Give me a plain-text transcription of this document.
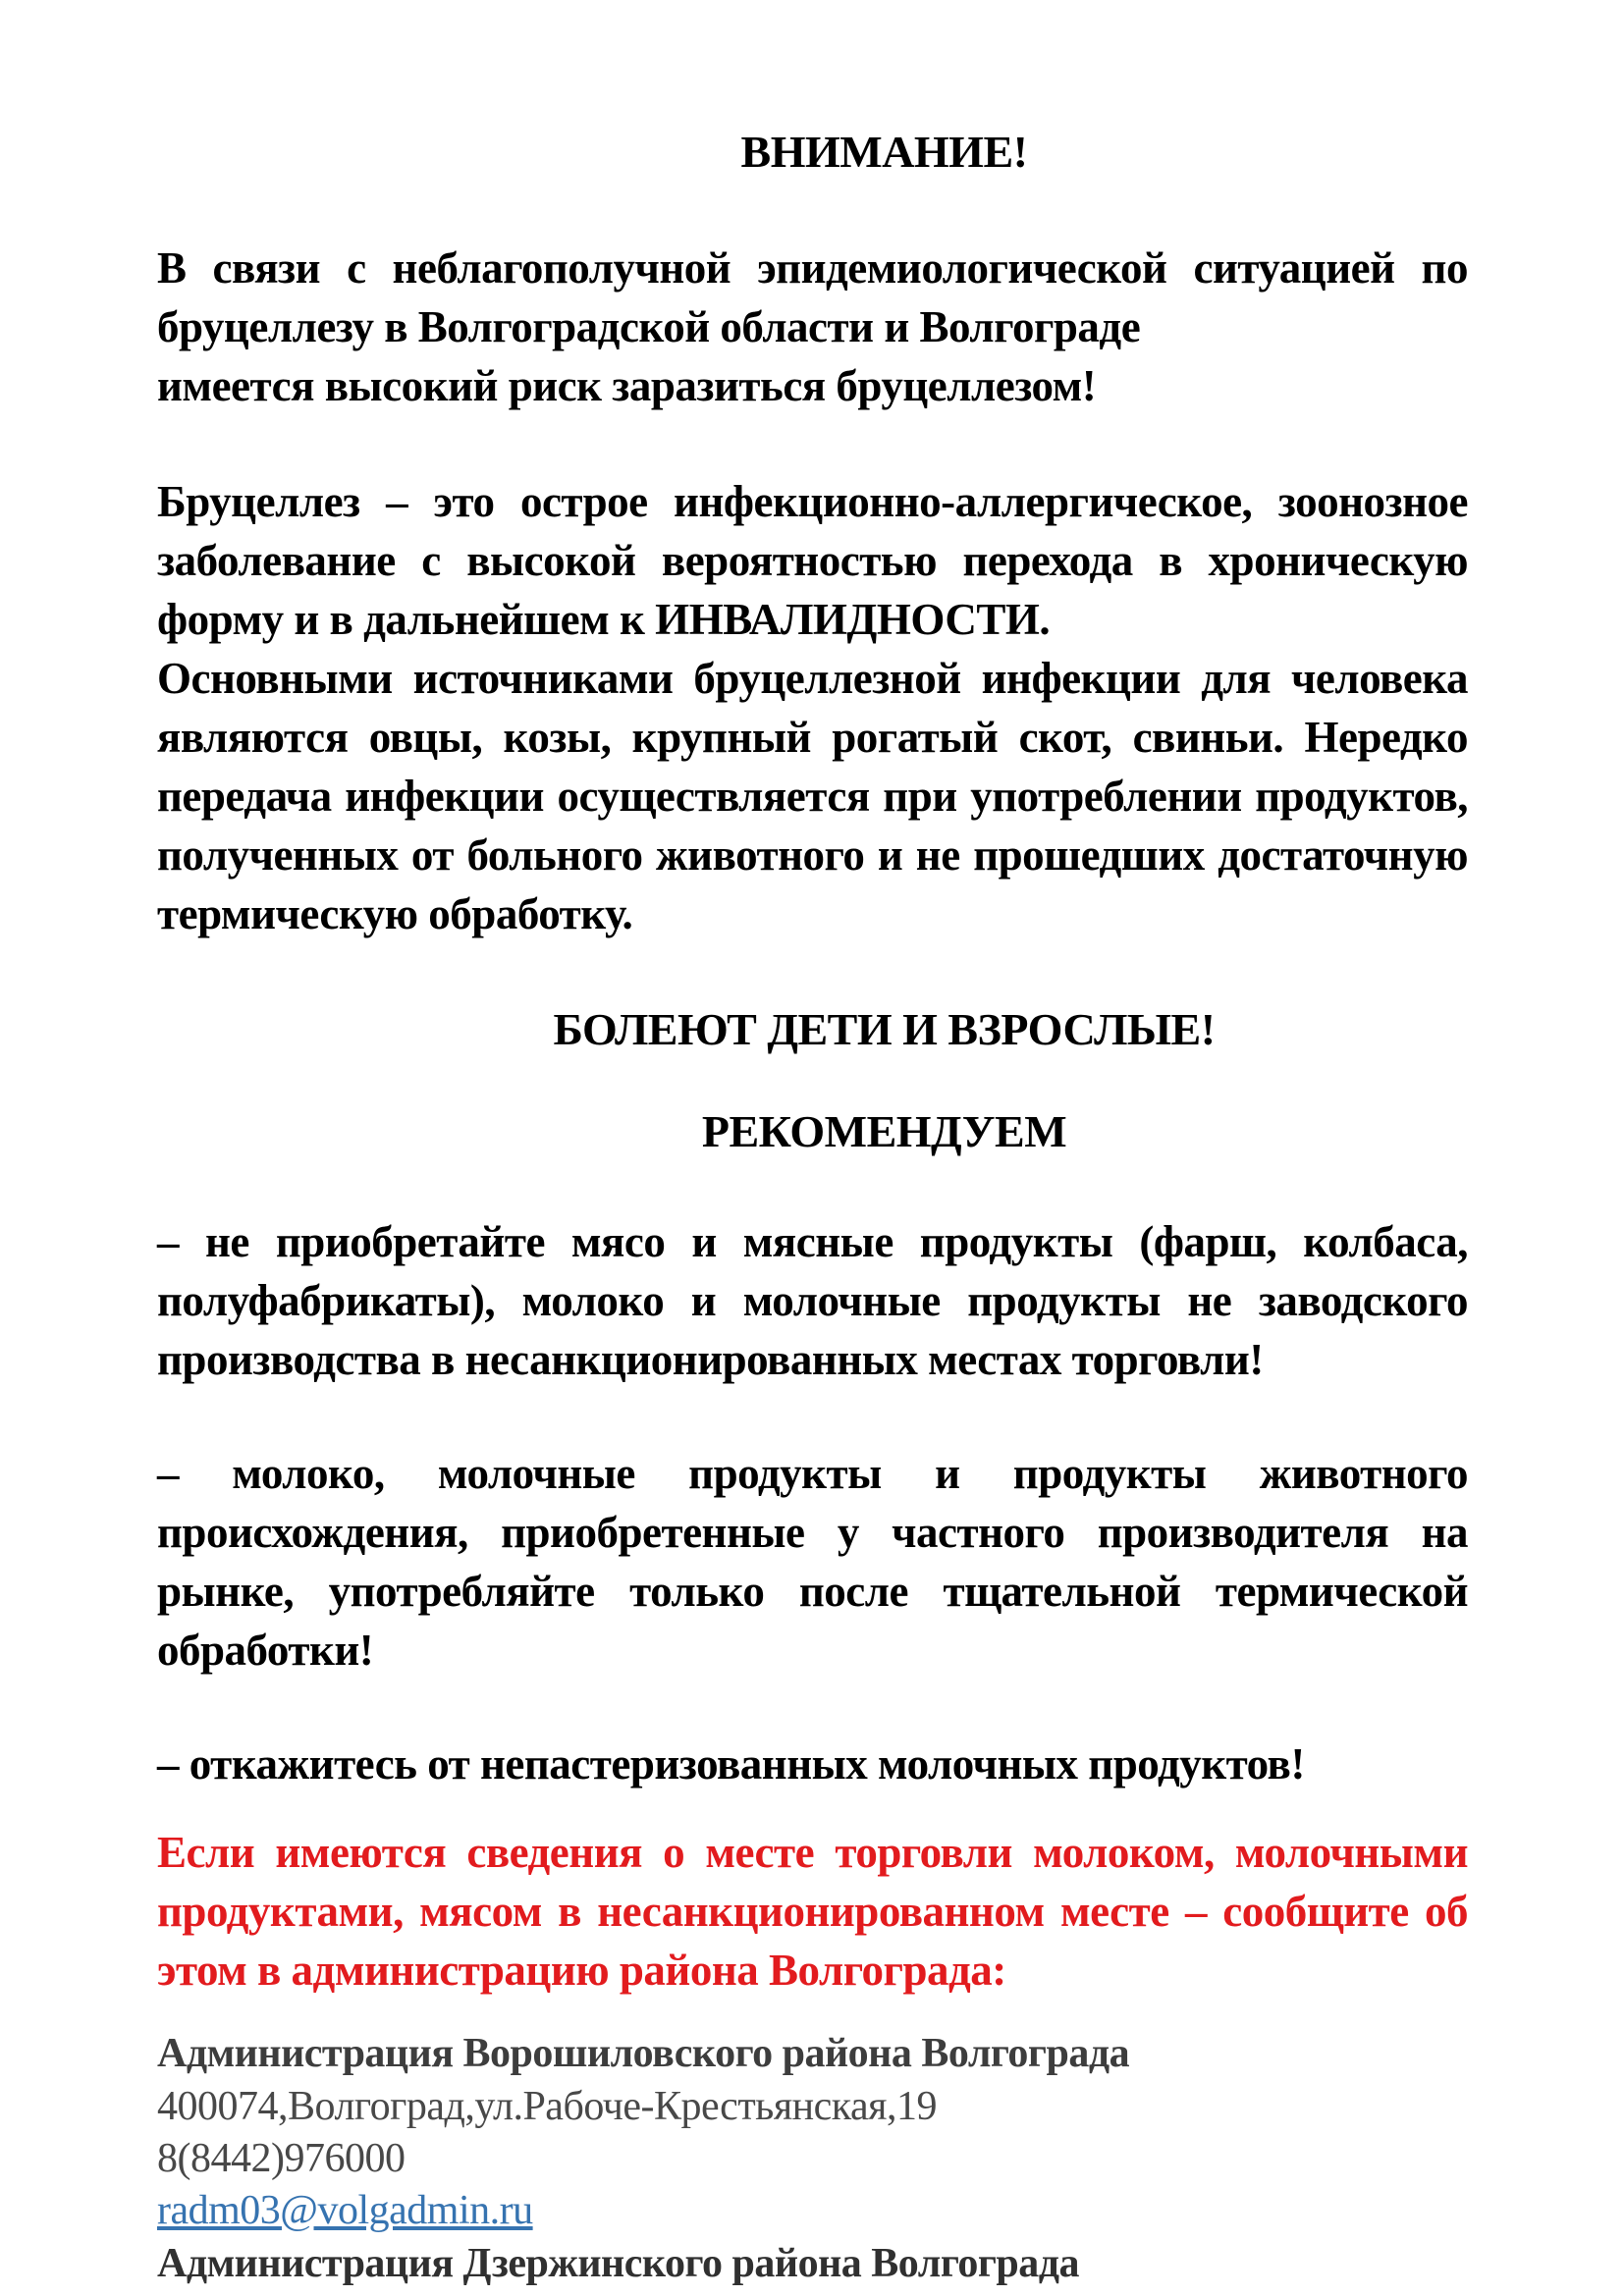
ВНИМАНИЕ!

В связи с неблагополучной эпидемиологической ситуацией по бруцеллезу в Волгоградской области и Волгограде
имеется высокий риск заразиться бруцеллезом!

Бруцеллез – это острое инфекционно-аллергическое, зоонозное заболевание с высокой вероятностью перехода в хроническую форму и в дальнейшем к ИНВАЛИДНОСТИ.

Основными источниками бруцеллезной инфекции для человека являются овцы, козы, крупный рогатый скот, свиньи. Нередко передача инфекции осуществляется при употреблении продуктов, полученных от больного животного и не прошедших достаточную термическую обработку.

БОЛЕЮТ ДЕТИ И ВЗРОСЛЫЕ!
РЕКОМЕНДУЕМ

– не приобретайте мясо и мясные продукты (фарш, колбаса, полуфабрикаты), молоко и молочные продукты не заводского производства в несанкционированных местах торговли!

– молоко, молочные продукты и продукты животного происхождения, приобретенные у частного производителя на рынке, употребляйте только после тщательной термической обработки!

– откажитесь от непастеризованных молочных продуктов!

Если имеются сведения о месте торговли молоком, молочными продуктами, мясом в несанкционированном месте – сообщите об этом в администрацию района Волгограда:

Администрация Ворошиловского района Волгограда

400074,Волгоград,ул.Рабоче-Крестьянская,19

8(8442)976000

radm03@volgadmin.ru

Администрация Дзержинского района Волгограда
